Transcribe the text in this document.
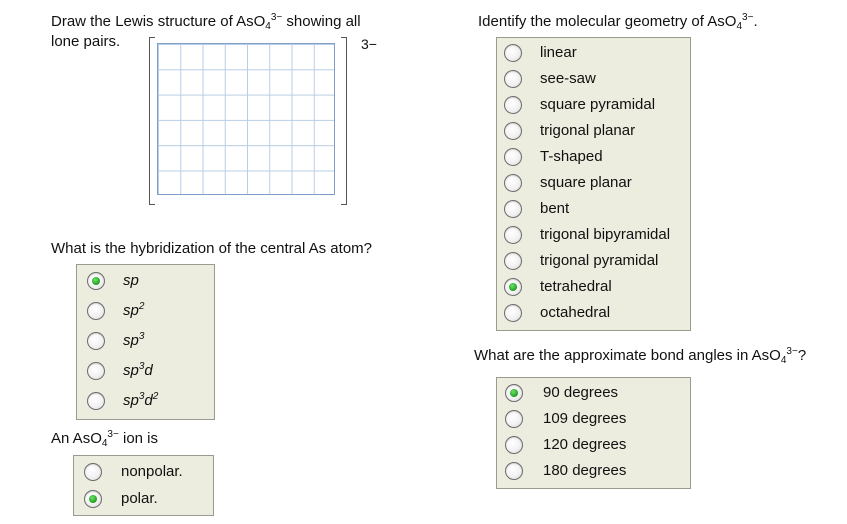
Draw the Lewis structure of AsO$_4^{3-}$ showing all
lone pairs.	3−
What is the hybridization of the central As atom?
sp
$sp^2$
$sp^3$
$sp^3d$
$sp^3d^2$
An AsO$_4^{3-}$ ion is
nonpolar.
polar.
Identify the molecular geometry of AsO$_4^{3-}$.
linear
see-saw
square pyramidal
trigonal planar
T-shaped
square planar
bent
trigonal bipyramidal
trigonal pyramidal
tetrahedral
octahedral
What are the approximate bond angles in AsO$_4^{3-}$?
90 degrees
109 degrees
120 degrees
180 degrees
